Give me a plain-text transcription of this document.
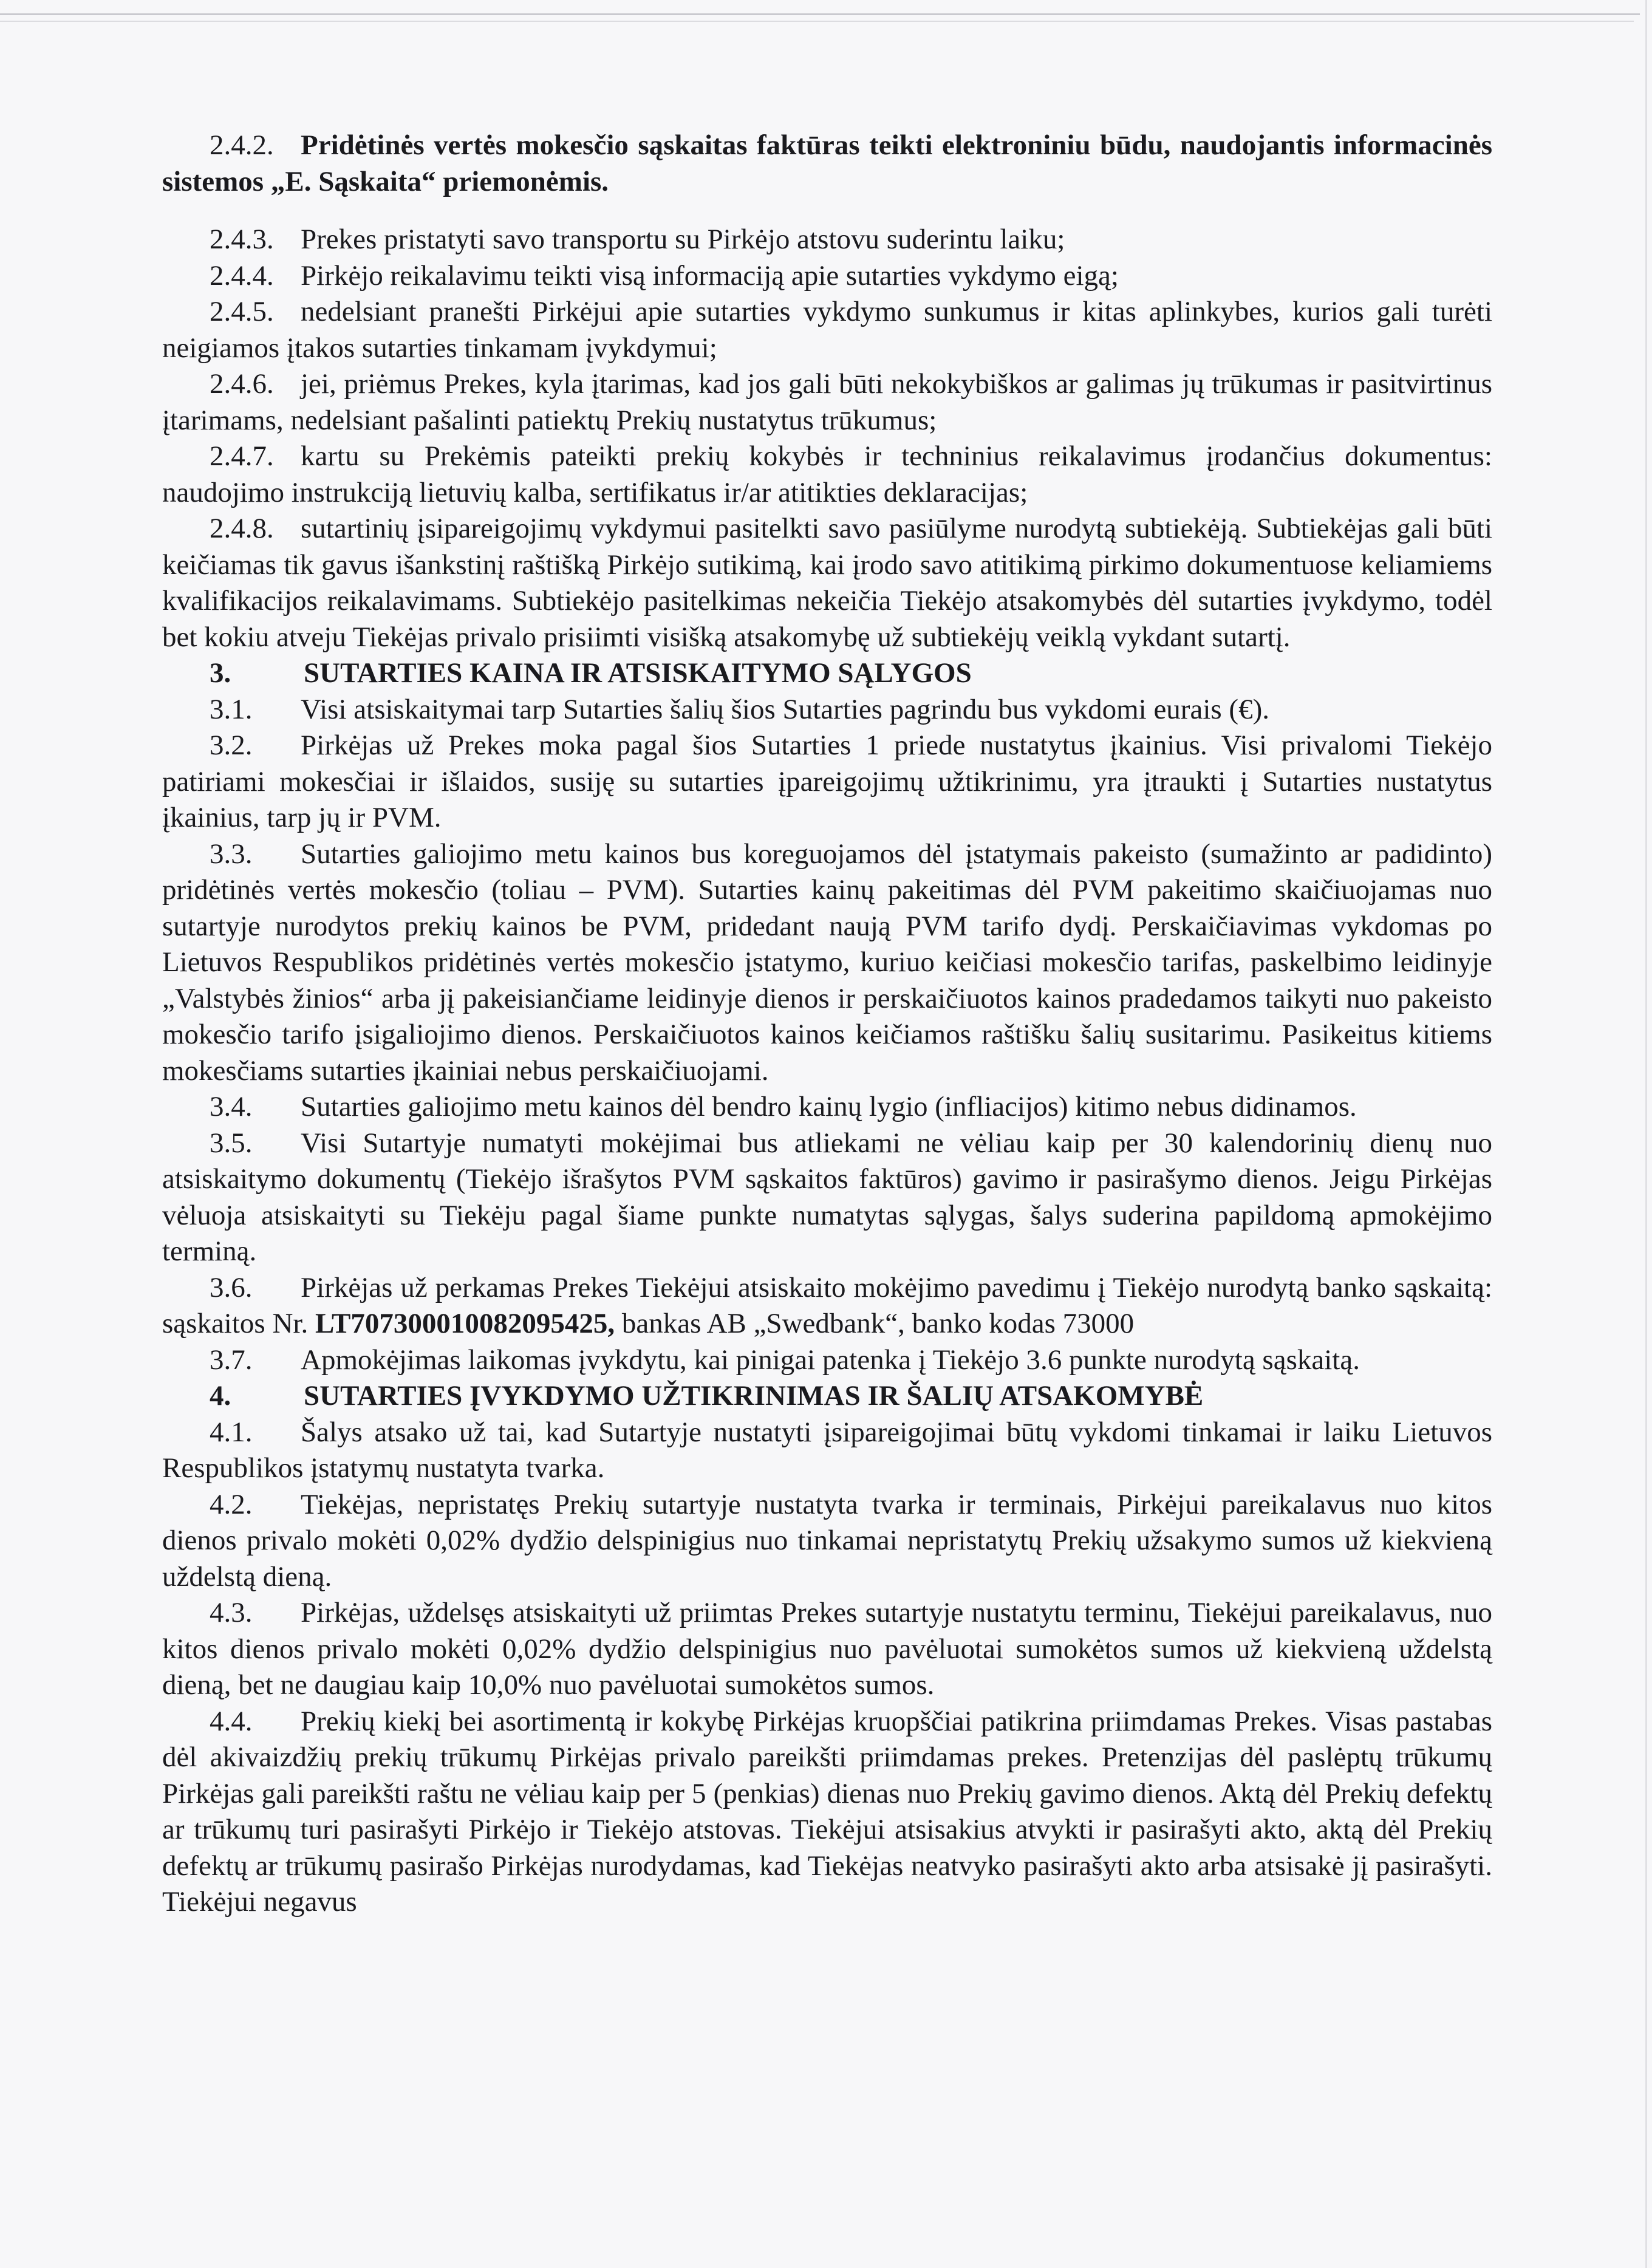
2.4.2. Pridėtinės vertės mokesčio sąskaitas faktūras teikti elektroniniu būdu, naudojantis informacinės sistemos „E. Sąskaita“ priemonėmis.

2.4.3. Prekes pristatyti savo transportu su Pirkėjo atstovu suderintu laiku;

2.4.4. Pirkėjo reikalavimu teikti visą informaciją apie sutarties vykdymo eigą;

2.4.5. nedelsiant pranešti Pirkėjui apie sutarties vykdymo sunkumus ir kitas aplinkybes, kurios gali turėti neigiamos įtakos sutarties tinkamam įvykdymui;

2.4.6. jei, priėmus Prekes, kyla įtarimas, kad jos gali būti nekokybiškos ar galimas jų trūkumas ir pasitvirtinus įtarimams, nedelsiant pašalinti patiektų Prekių nustatytus trūkumus;

2.4.7. kartu su Prekėmis pateikti prekių kokybės ir techninius reikalavimus įrodančius dokumentus: naudojimo instrukciją lietuvių kalba, sertifikatus ir/ar atitikties deklaracijas;

2.4.8. sutartinių įsipareigojimų vykdymui pasitelkti savo pasiūlyme nurodytą subtiekėją. Subtiekėjas gali būti keičiamas tik gavus išankstinį raštišką Pirkėjo sutikimą, kai įrodo savo atitikimą pirkimo dokumentuose keliamiems kvalifikacijos reikalavimams. Subtiekėjo pasitelkimas nekeičia Tiekėjo atsakomybės dėl sutarties įvykdymo, todėl bet kokiu atveju Tiekėjas privalo prisiimti visišką atsakomybę už subtiekėjų veiklą vykdant sutartį.

3.	SUTARTIES KAINA IR ATSISKAITYMO SĄLYGOS

3.1. Visi atsiskaitymai tarp Sutarties šalių šios Sutarties pagrindu bus vykdomi eurais (€).

3.2. Pirkėjas už Prekes moka pagal šios Sutarties 1 priede nustatytus įkainius. Visi privalomi Tiekėjo patiriami mokesčiai ir išlaidos, susiję su sutarties įpareigojimų užtikrinimu, yra įtraukti į Sutarties nustatytus įkainius, tarp jų ir PVM.

3.3. Sutarties galiojimo metu kainos bus koreguojamos dėl įstatymais pakeisto (sumažinto ar padidinto) pridėtinės vertės mokesčio (toliau – PVM). Sutarties kainų pakeitimas dėl PVM pakeitimo skaičiuojamas nuo sutartyje nurodytos prekių kainos be PVM, pridedant naują PVM tarifo dydį. Perskaičiavimas vykdomas po Lietuvos Respublikos pridėtinės vertės mokesčio įstatymo, kuriuo keičiasi mokesčio tarifas, paskelbimo leidinyje „Valstybės žinios“ arba jį pakeisiančiame leidinyje dienos ir perskaičiuotos kainos pradedamos taikyti nuo pakeisto mokesčio tarifo įsigaliojimo dienos. Perskaičiuotos kainos keičiamos raštišku šalių susitarimu. Pasikeitus kitiems mokesčiams sutarties įkainiai nebus perskaičiuojami.

3.4. Sutarties galiojimo metu kainos dėl bendro kainų lygio (infliacijos) kitimo nebus didinamos.

3.5. Visi Sutartyje numatyti mokėjimai bus atliekami ne vėliau kaip per 30 kalendorinių dienų nuo atsiskaitymo dokumentų (Tiekėjo išrašytos PVM sąskaitos faktūros) gavimo ir pasirašymo dienos. Jeigu Pirkėjas vėluoja atsiskaityti su Tiekėju pagal šiame punkte numatytas sąlygas, šalys suderina papildomą apmokėjimo terminą.

3.6. Pirkėjas už perkamas Prekes Tiekėjui atsiskaito mokėjimo pavedimu į Tiekėjo nurodytą banko sąskaitą: sąskaitos Nr. LT707300010082095425, bankas AB „Swedbank“, banko kodas 73000

3.7. Apmokėjimas laikomas įvykdytu, kai pinigai patenka į Tiekėjo 3.6 punkte nurodytą sąskaitą.

4.	SUTARTIES ĮVYKDYMO UŽTIKRINIMAS IR ŠALIŲ ATSAKOMYBĖ

4.1. Šalys atsako už tai, kad Sutartyje nustatyti įsipareigojimai būtų vykdomi tinkamai ir laiku Lietuvos Respublikos įstatymų nustatyta tvarka.

4.2. Tiekėjas, nepristatęs Prekių sutartyje nustatyta tvarka ir terminais, Pirkėjui pareikalavus nuo kitos dienos privalo mokėti 0,02% dydžio delspinigius nuo tinkamai nepristatytų Prekių užsakymo sumos už kiekvieną uždelstą dieną.

4.3. Pirkėjas, uždelsęs atsiskaityti už priimtas Prekes sutartyje nustatytu terminu, Tiekėjui pareikalavus, nuo kitos dienos privalo mokėti 0,02% dydžio delspinigius nuo pavėluotai sumokėtos sumos už kiekvieną uždelstą dieną, bet ne daugiau kaip 10,0% nuo pavėluotai sumokėtos sumos.

4.4. Prekių kiekį bei asortimentą ir kokybę Pirkėjas kruopščiai patikrina priimdamas Prekes. Visas pastabas dėl akivaizdžių prekių trūkumų Pirkėjas privalo pareikšti priimdamas prekes. Pretenzijas dėl paslėptų trūkumų Pirkėjas gali pareikšti raštu ne vėliau kaip per 5 (penkias) dienas nuo Prekių gavimo dienos. Aktą dėl Prekių defektų ar trūkumų turi pasirašyti Pirkėjo ir Tiekėjo atstovas. Tiekėjui atsisakius atvykti ir pasirašyti akto, aktą dėl Prekių defektų ar trūkumų pasirašo Pirkėjas nurodydamas, kad Tiekėjas neatvyko pasirašyti akto arba atsisakė jį pasirašyti. Tiekėjui negavus
